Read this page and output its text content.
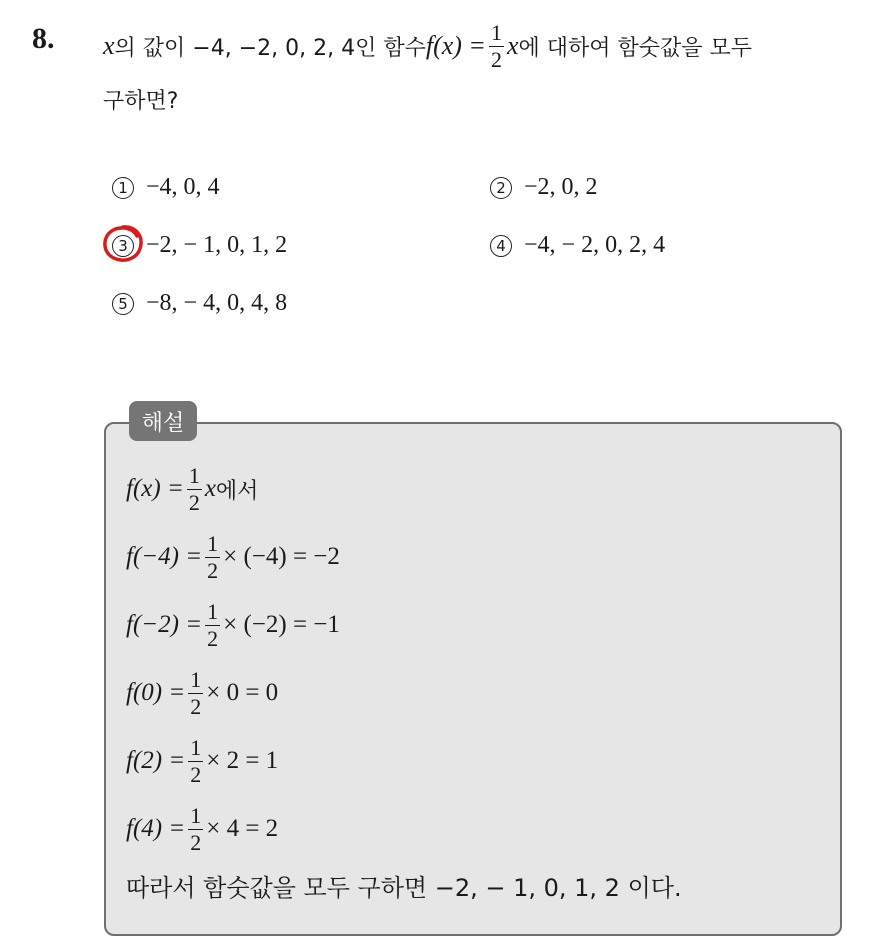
8. x 의 값이 −4, −2, 0, 2, 4인 함수 $f(x) = \frac{1}{2}$ x 에 대하여 함숫값을 모두
구하면?
1 −4, 0, 4	2 −2, 0, 2
3 −2, − 1, 0, 1, 2	4 −4, − 2, 0, 2, 4
5 −8, − 4, 0, 4, 8
해설
$f(x) = \frac{1}{2}$ x 에서
$f(-4) = \frac{1}{2} \times (-4) = -2$
$f(-2) = \frac{1}{2} \times (-2) = -1$
$f(0) = \frac{1}{2} \times 0 = 0$
$f(2) = \frac{1}{2} \times 2 = 1$
$f(4) = \frac{1}{2} \times 4 = 2$
따라서 함숫값을 모두 구하면 −2, − 1, 0, 1, 2 이다.
